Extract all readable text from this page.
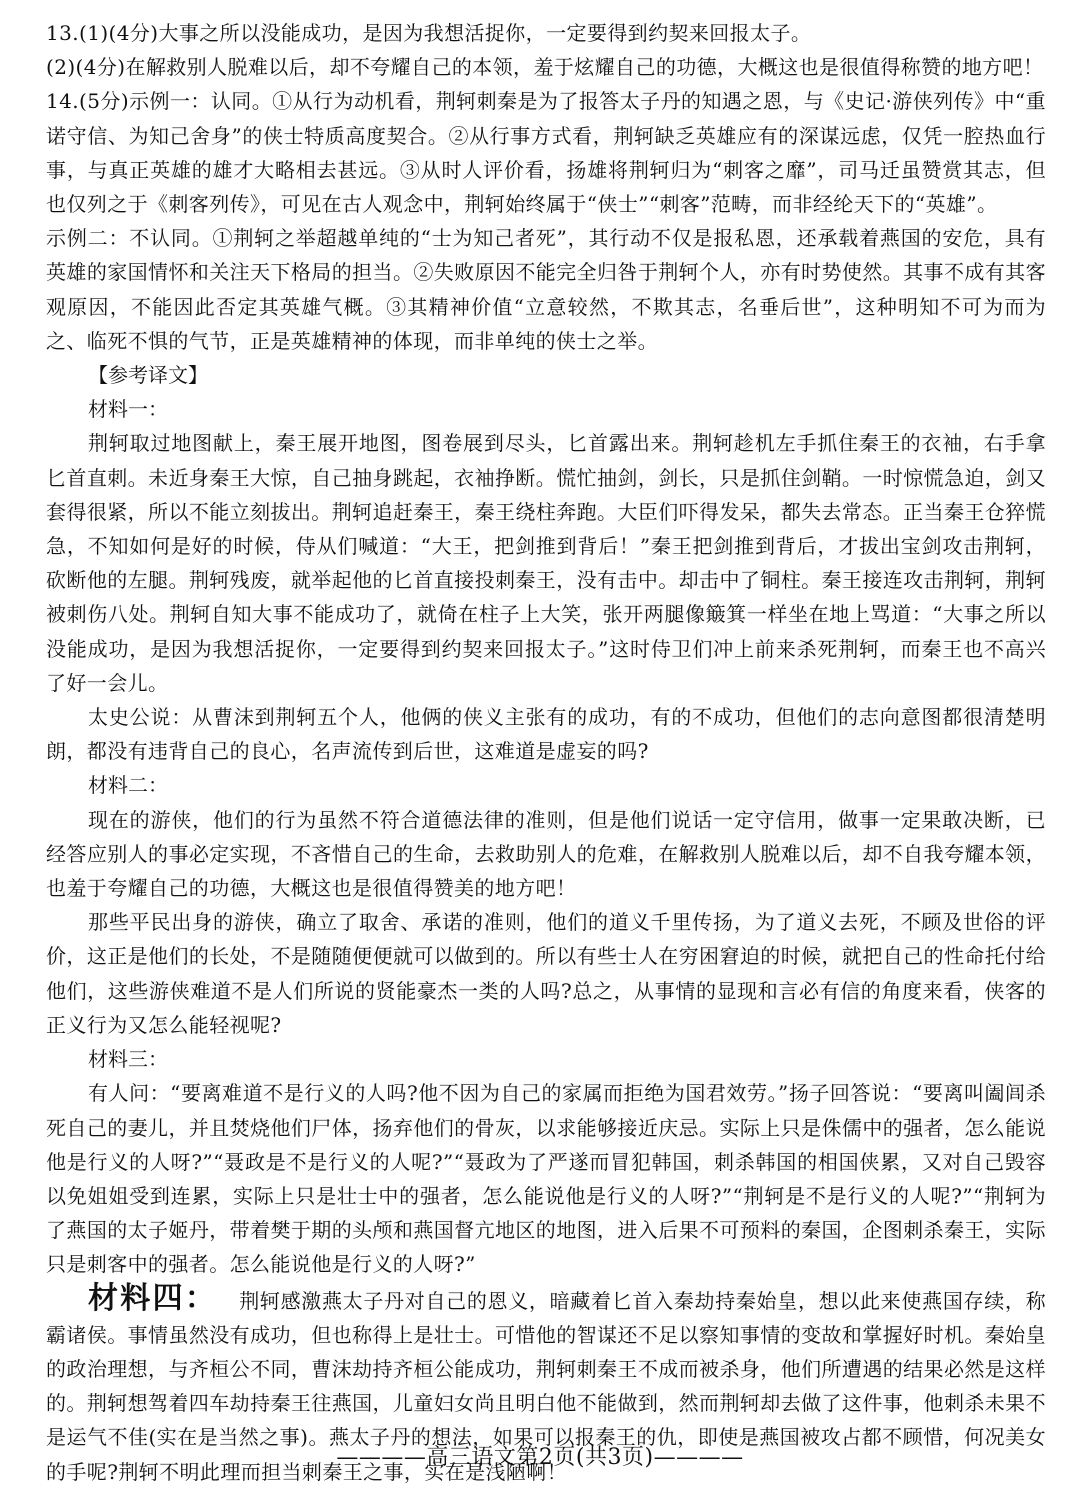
13.(1)(4分)大事之所以没能成功，是因为我想活捉你，一定要得到约契来回报太子。

(2)(4分)在解救别人脱难以后，却不夸耀自己的本领，羞于炫耀自己的功德，大概这也是很值得称赞的地方吧！

14.(5分)示例一：认同。①从行为动机看，荆轲刺秦是为了报答太子丹的知遇之恩，与《史记·游侠列传》中“重诺守信、为知己舍身”的侠士特质高度契合。②从行事方式看，荆轲缺乏英雄应有的深谋远虑，仅凭一腔热血行事，与真正英雄的雄才大略相去甚远。③从时人评价看，扬雄将荆轲归为“刺客之靡”，司马迁虽赞赏其志，但也仅列之于《刺客列传》，可见在古人观念中，荆轲始终属于“侠士”“刺客”范畴，而非经纶天下的“英雄”。

示例二：不认同。①荆轲之举超越单纯的“士为知己者死”，其行动不仅是报私恩，还承载着燕国的安危，具有英雄的家国情怀和关注天下格局的担当。②失败原因不能完全归咎于荆轲个人，亦有时势使然。其事不成有其客观原因，不能因此否定其英雄气概。③其精神价值“立意较然，不欺其志，名垂后世”，这种明知不可为而为之、临死不惧的气节，正是英雄精神的体现，而非单纯的侠士之举。

【参考译文】

材料一：

荆轲取过地图献上，秦王展开地图，图卷展到尽头，匕首露出来。荆轲趁机左手抓住秦王的衣袖，右手拿匕首直刺。未近身秦王大惊，自己抽身跳起，衣袖挣断。慌忙抽剑，剑长，只是抓住剑鞘。一时惊慌急迫，剑又套得很紧，所以不能立刻拔出。荆轲追赶秦王，秦王绕柱奔跑。大臣们吓得发呆，都失去常态。正当秦王仓猝慌急，不知如何是好的时候，侍从们喊道：“大王，把剑推到背后！”秦王把剑推到背后，才拔出宝剑攻击荆轲，砍断他的左腿。荆轲残废，就举起他的匕首直接投刺秦王，没有击中。却击中了铜柱。秦王接连攻击荆轲，荆轲被刺伤八处。荆轲自知大事不能成功了，就倚在柱子上大笑，张开两腿像簸箕一样坐在地上骂道：“大事之所以没能成功，是因为我想活捉你，一定要得到约契来回报太子。”这时侍卫们冲上前来杀死荆轲，而秦王也不高兴了好一会儿。

太史公说：从曹沫到荆轲五个人，他俩的侠义主张有的成功，有的不成功，但他们的志向意图都很清楚明朗，都没有违背自己的良心，名声流传到后世，这难道是虚妄的吗?

材料二：

现在的游侠，他们的行为虽然不符合道德法律的准则，但是他们说话一定守信用，做事一定果敢决断，已经答应别人的事必定实现，不吝惜自己的生命，去救助别人的危难，在解救别人脱难以后，却不自我夸耀本领，也羞于夸耀自己的功德，大概这也是很值得赞美的地方吧！

那些平民出身的游侠，确立了取舍、承诺的准则，他们的道义千里传扬，为了道义去死，不顾及世俗的评价，这正是他们的长处，不是随随便便就可以做到的。所以有些士人在穷困窘迫的时候，就把自己的性命托付给他们，这些游侠难道不是人们所说的贤能豪杰一类的人吗?总之，从事情的显现和言必有信的角度来看，侠客的正义行为又怎么能轻视呢?

材料三：

有人问：“要离难道不是行义的人吗?他不因为自己的家属而拒绝为国君效劳。”扬子回答说：“要离叫阖闾杀死自己的妻儿，并且焚烧他们尸体，扬弃他们的骨灰，以求能够接近庆忌。实际上只是侏儒中的强者，怎么能说他是行义的人呀?”“聂政是不是行义的人呢?”“聂政为了严遂而冒犯韩国，刺杀韩国的相国侠累，又对自己毁容以免姐姐受到连累，实际上只是壮士中的强者，怎么能说他是行义的人呀?”“荆轲是不是行义的人呢?”“荆轲为了燕国的太子姬丹，带着樊于期的头颅和燕国督亢地区的地图，进入后果不可预料的秦国，企图刺杀秦王，实际只是刺客中的强者。怎么能说他是行义的人呀?”

材料四： 荆轲感激燕太子丹对自己的恩义，暗藏着匕首入秦劫持秦始皇，想以此来使燕国存续，称霸诸侯。事情虽然没有成功，但也称得上是壮士。可惜他的智谋还不足以察知事情的变故和掌握好时机。秦始皇的政治理想，与齐桓公不同，曹沫劫持齐桓公能成功，荆轲刺秦王不成而被杀身，他们所遭遇的结果必然是这样的。荆轲想驾着四车劫持秦王往燕国，儿童妇女尚且明白他不能做到，然而荆轲却去做了这件事，他刺杀未果不是运气不佳(实在是当然之事)。燕太子丹的想法，如果可以报秦王的仇，即使是燕国被攻占都不顾惜，何况美女的手呢?荆轲不明此理而担当刺秦王之事，实在是浅陋啊！

————高三语文第2页(共3页)————
